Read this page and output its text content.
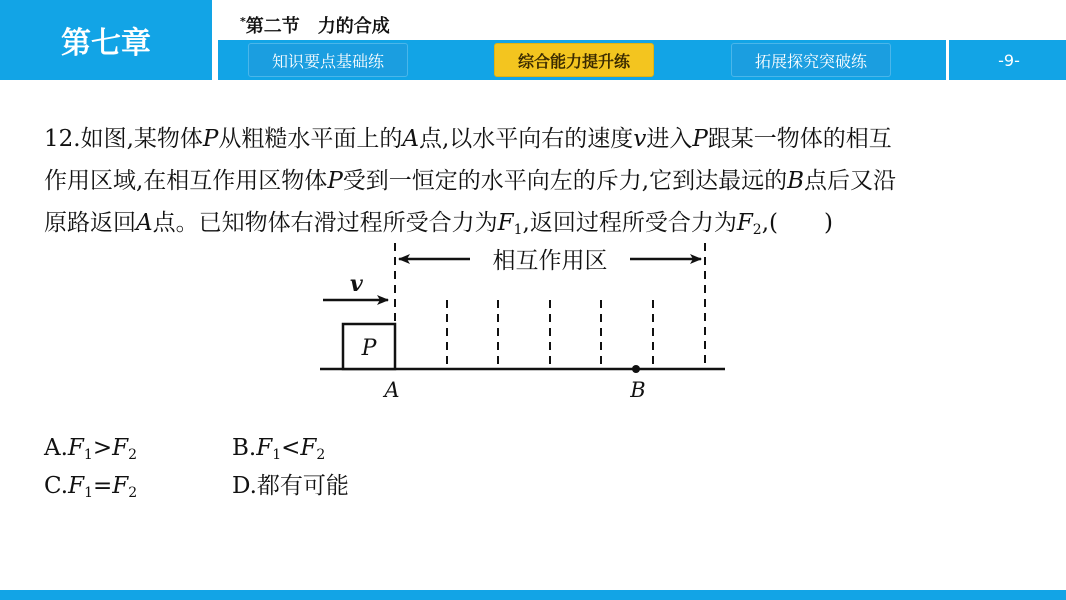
第七章
*第二节　力的合成
知识要点基础练	综合能力提升练	拓展探究突破练	-9-
12.如图,某物体P从粗糙水平面上的A点,以水平向右的速度v进入P跟某一物体的相互
作用区域,在相互作用区物体P受到一恒定的水平向左的斥力,它到达最远的B点后又沿
原路返回A点。已知物体右滑过程所受合力为$F_1$,返回过程所受合力为$F_2$,(　　)
相互作用区
v
P
A	B
$A.F_1>F_2$	$B.F_1<F_2$
$C.F_1=F_2$	D.都有可能
